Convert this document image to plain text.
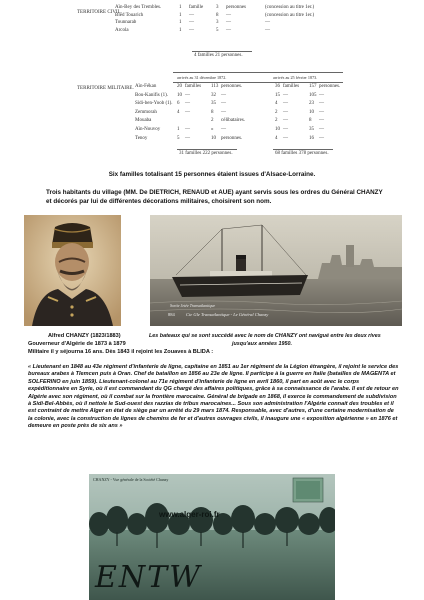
TERRITOIRE CIVIL.
Aïn-Bey des Trembles.	1 famille	3 personnes	(concession au titre 1er.)
Bled Touarich	1 —	8 —	(concession au titre 1er.)
Tounnarab	1 —	3 —	—
Arcola	1 —	5 —	—
4 familles 21 personnes.
arrivés au 31 décembre 1872.	arrivés au 25 février 1873.
TERRITOIRE MILITAIRE. Aïn-Fékan	20 familles 113 personnes.	36 familles 157 personnes.
Bou-Kanifis (1). 10 —	32 —	15 —	105 —
Sidi-ben-Yoob (1). 6 —	35 —	4 —	23 —
Zemmorah	4 —	8 —	2 —	10 —
Mouaba	2 célibataires.	2 —	8 —
Aïn-Nouvoy	1 —	» —	10 —	35 —
Tenoy	5 —	10 personnes.	4 —	16 —
31 familles 222 personnes.	68 familles 378 personnes.
Six familles totalisant 15 personnes étaient issues d'Alsace-Lorraine.
Trois habitants du village (MM. De DIETRICH, RENAUD et AUE) ayant servis sous les ordres du Général CHANZY et décorés par lui de différentes décorations militaires, choisirent son nom.
Sortie Jetée Transatlantique
884	Cie Gle Transatlantique - Le Général Chanzy
Alfred CHANZY (1823/1883)
Gouverneur d'Algérie de 1873 à 1879
Militaire il y séjourna 16 ans. Dès 1843 il rejoint les Zouaves à BLIDA :
Les bateaux qui se sont succédé avec le nom de CHANZY ont navigué entre les deux rives
jusqu'aux années 1950.
« Lieutenant en 1848 au 43e régiment d'infanterie de ligne, capitaine en 1851 au 1er régiment de la Légion étrangère, il rejoint le service des bureaux arabes à Tlemcen puis à Oran. Chef de bataillon en 1856 au 23e de ligne. Il participe à la guerre en Italie (batailles de MAGENTA et SOLFERINO en juin 1859). Lieutenant-colonel au 71e régiment d'infanterie de ligne en avril 1860, il part en août avec le corps expéditionnaire en Syrie, où il est commandant du QG chargé des affaires politiques, grâce à sa connaissance de l'arabe. Il est de retour en Algérie avec son régiment, où il combat sur la frontière marocaine. Général de brigade en 1868, il exerce le commandement de subdivision à Sidi-Bel-Abbès, où il nettoie le Sud-ouest des razzias de tribus marocaines... Sous son administration l'Algérie connait des troubles et il est contraint de mettre Alger en état de siège par un arrêté du 29 mars 1874. Responsable, avec d'autres, d'une certaine modernisation de la colonie, avec la construction de lignes de chemins de fer et d'autres ouvrages civils, il inaugure une « exposition algérienne » en 1876 et demeure en poste près de six ans »
CHANZY - Vue générale de la Société Chanzy
www.alger-roi.fr
ENTW
